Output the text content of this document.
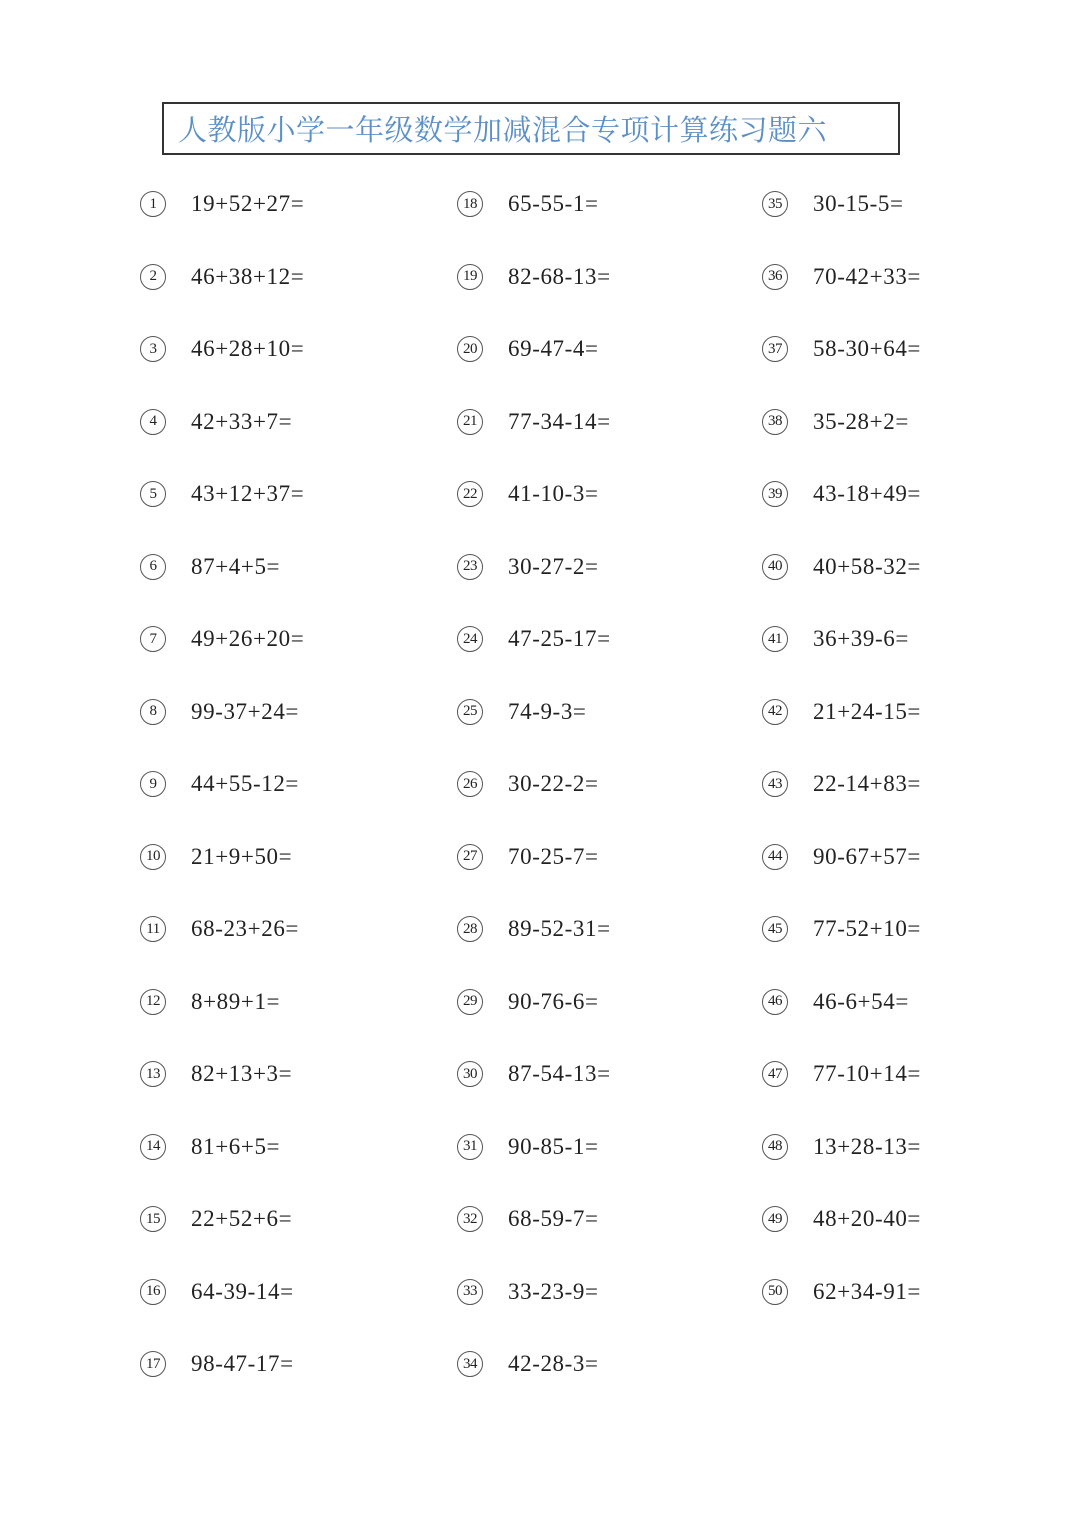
人教版小学一年级数学加减混合专项计算练习题六
1	19+52+27=
2	46+38+12=
3	46+28+10=
4	42+33+7=
5	43+12+37=
6	87+4+5=
7	49+26+20=
8	99-37+24=
9	44+55-12=
10 21+9+50=
11 68-23+26=
12 8+89+1=
13 82+13+3=
14 81+6+5=
15 22+52+6=
16 64-39-14=
17 98-47-17=
18 65-55-1=
19 82-68-13=
20 69-47-4=
21 77-34-14=
22 41-10-3=
23 30-27-2=
24 47-25-17=
25 74-9-3=
26 30-22-2=
27 70-25-7=
28 89-52-31=
29 90-76-6=
30 87-54-13=
31 90-85-1=
32 68-59-7=
33 33-23-9=
34 42-28-3=
35 30-15-5=
36 70-42+33=
37 58-30+64=
38 35-28+2=
39 43-18+49=
40 40+58-32=
41 36+39-6=
42 21+24-15=
43 22-14+83=
44 90-67+57=
45 77-52+10=
46 46-6+54=
47 77-10+14=
48 13+28-13=
49 48+20-40=
50 62+34-91=
